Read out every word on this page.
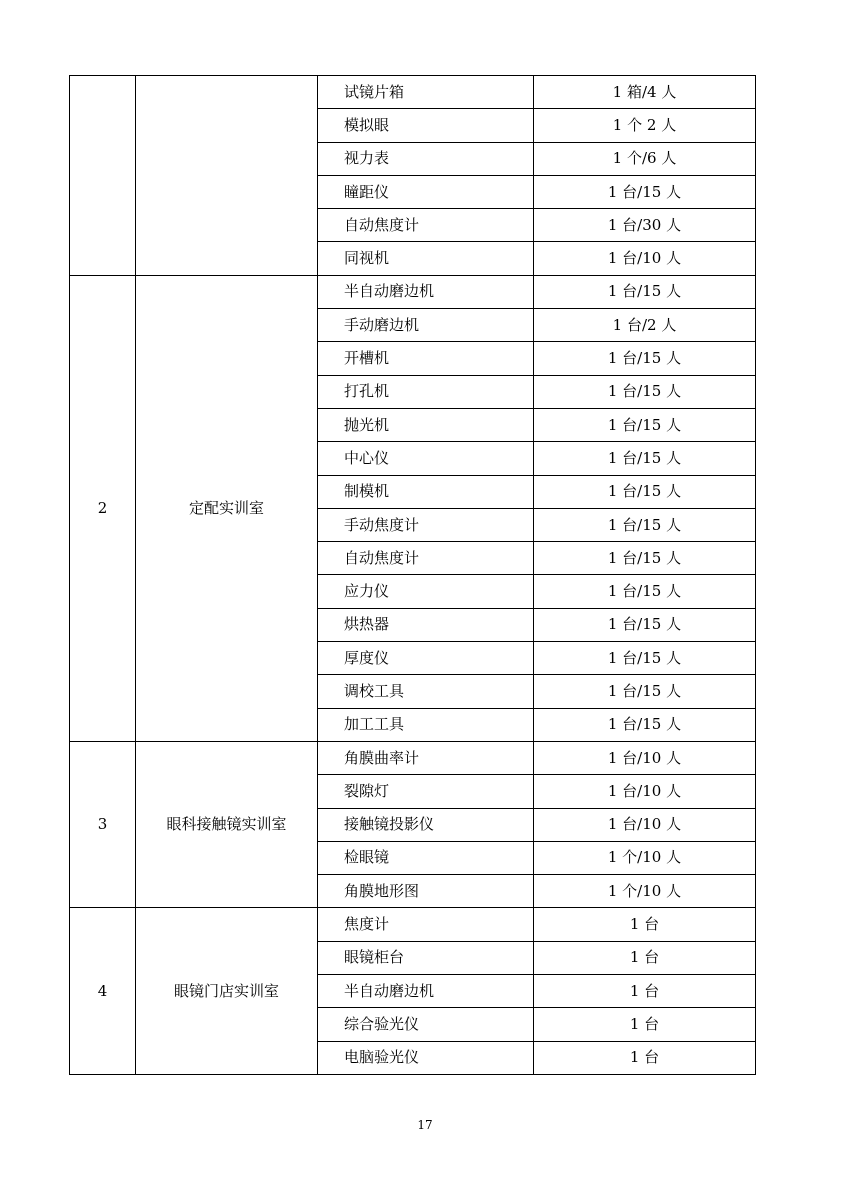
		试镜片箱	1 箱/4 人
		模拟眼	1 个 2 人
		视力表	1 个/6 人
		瞳距仪	1 台/15 人
		自动焦度计	1 台/30 人
		同视机	1 台/10 人
2	定配实训室	半自动磨边机	1 台/15 人
		手动磨边机	1 台/2 人
		开槽机	1 台/15 人
		打孔机	1 台/15 人
		抛光机	1 台/15 人
		中心仪	1 台/15 人
		制模机	1 台/15 人
		手动焦度计	1 台/15 人
		自动焦度计	1 台/15 人
		应力仪	1 台/15 人
		烘热器	1 台/15 人
		厚度仪	1 台/15 人
		调校工具	1 台/15 人
		加工工具	1 台/15 人
3	眼科接触镜实训室	角膜曲率计	1 台/10 人
		裂隙灯	1 台/10 人
		接触镜投影仪	1 台/10 人
		检眼镜	1 个/10 人
		角膜地形图	1 个/10 人
4	眼镜门店实训室	焦度计	1 台
		眼镜柜台	1 台
		半自动磨边机	1 台
		综合验光仪	1 台
		电脑验光仪	1 台
17
